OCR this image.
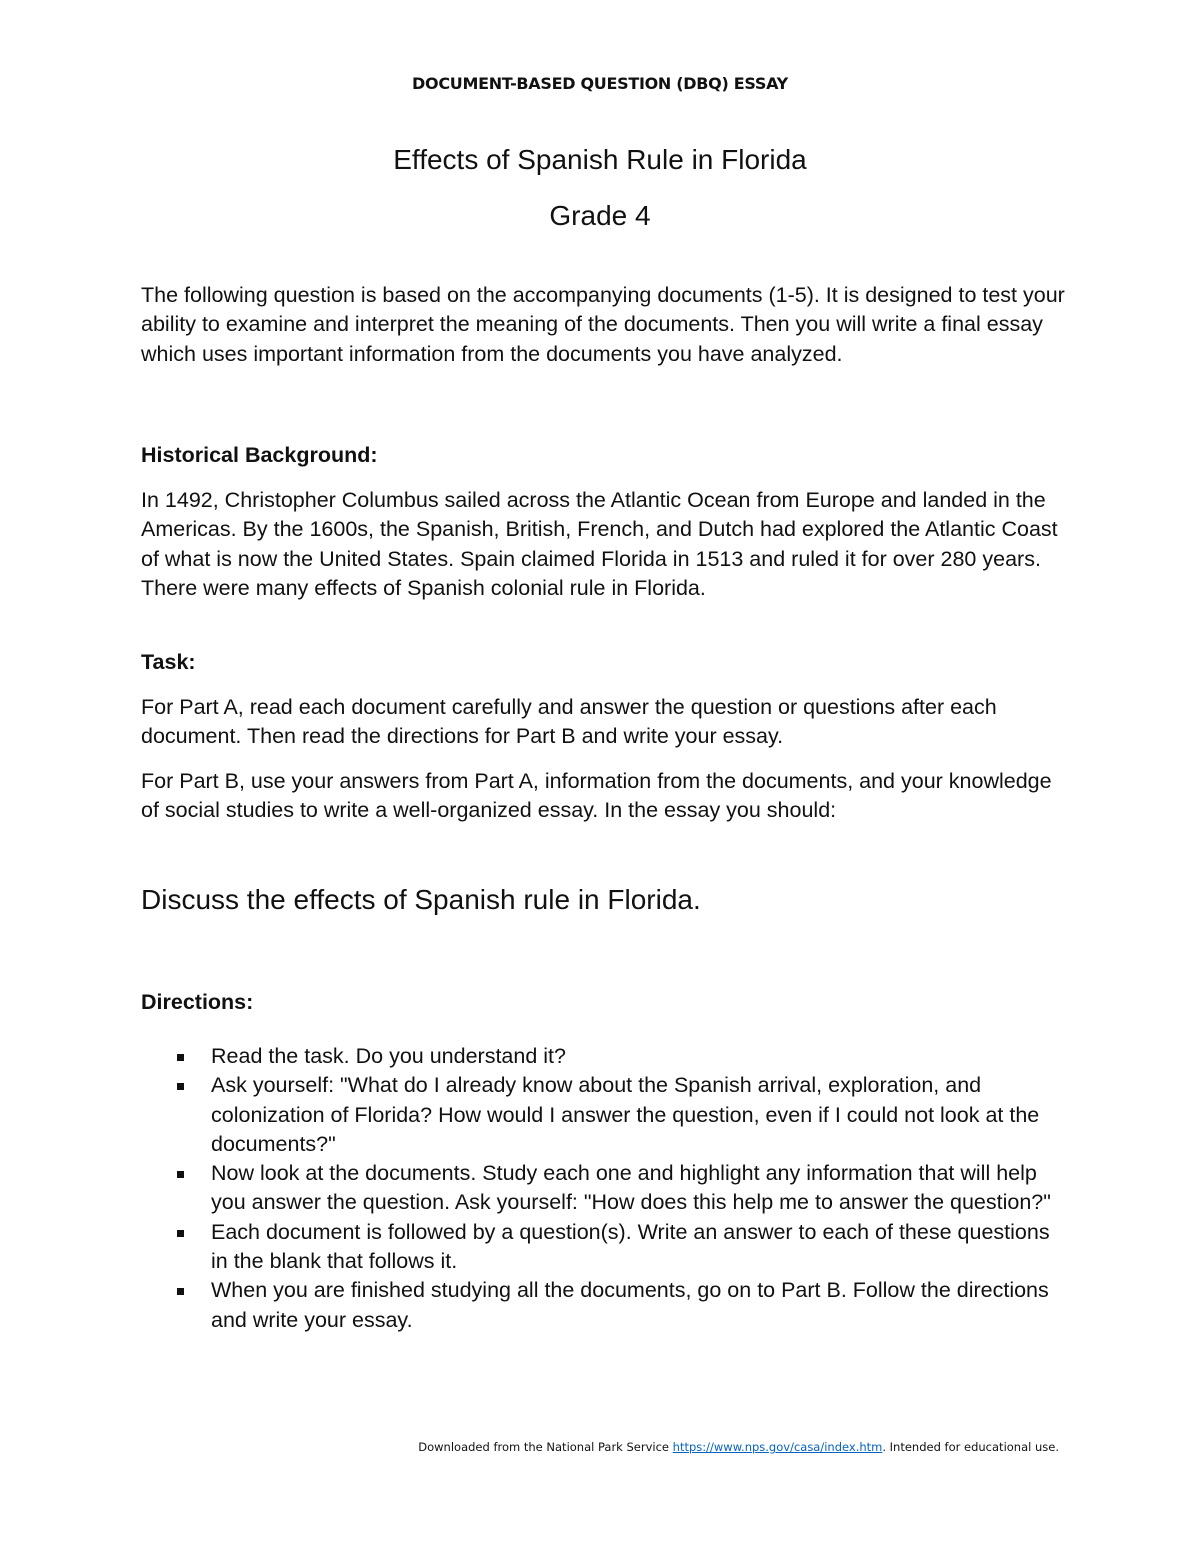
DOCUMENT-BASED QUESTION (DBQ) ESSAY
Effects of Spanish Rule in Florida
Grade 4
The following question is based on the accompanying documents (1-5). It is designed to test your ability to examine and interpret the meaning of the documents. Then you will write a final essay which uses important information from the documents you have analyzed.
Historical Background:
In 1492, Christopher Columbus sailed across the Atlantic Ocean from Europe and landed in the Americas. By the 1600s, the Spanish, British, French, and Dutch had explored the Atlantic Coast of what is now the United States. Spain claimed Florida in 1513 and ruled it for over 280 years. There were many effects of Spanish colonial rule in Florida.
Task:
For Part A, read each document carefully and answer the question or questions after each document. Then read the directions for Part B and write your essay.
For Part B, use your answers from Part A, information from the documents, and your knowledge of social studies to write a well-organized essay. In the essay you should:
Discuss the effects of Spanish rule in Florida.
Directions:
Read the task. Do you understand it?
Ask yourself: "What do I already know about the Spanish arrival, exploration, and colonization of Florida? How would I answer the question, even if I could not look at the documents?"
Now look at the documents. Study each one and highlight any information that will help you answer the question. Ask yourself: "How does this help me to answer the question?"
Each document is followed by a question(s). Write an answer to each of these questions in the blank that follows it.
When you are finished studying all the documents, go on to Part B. Follow the directions and write your essay.
Downloaded from the National Park Service https://www.nps.gov/casa/index.htm. Intended for educational use.
